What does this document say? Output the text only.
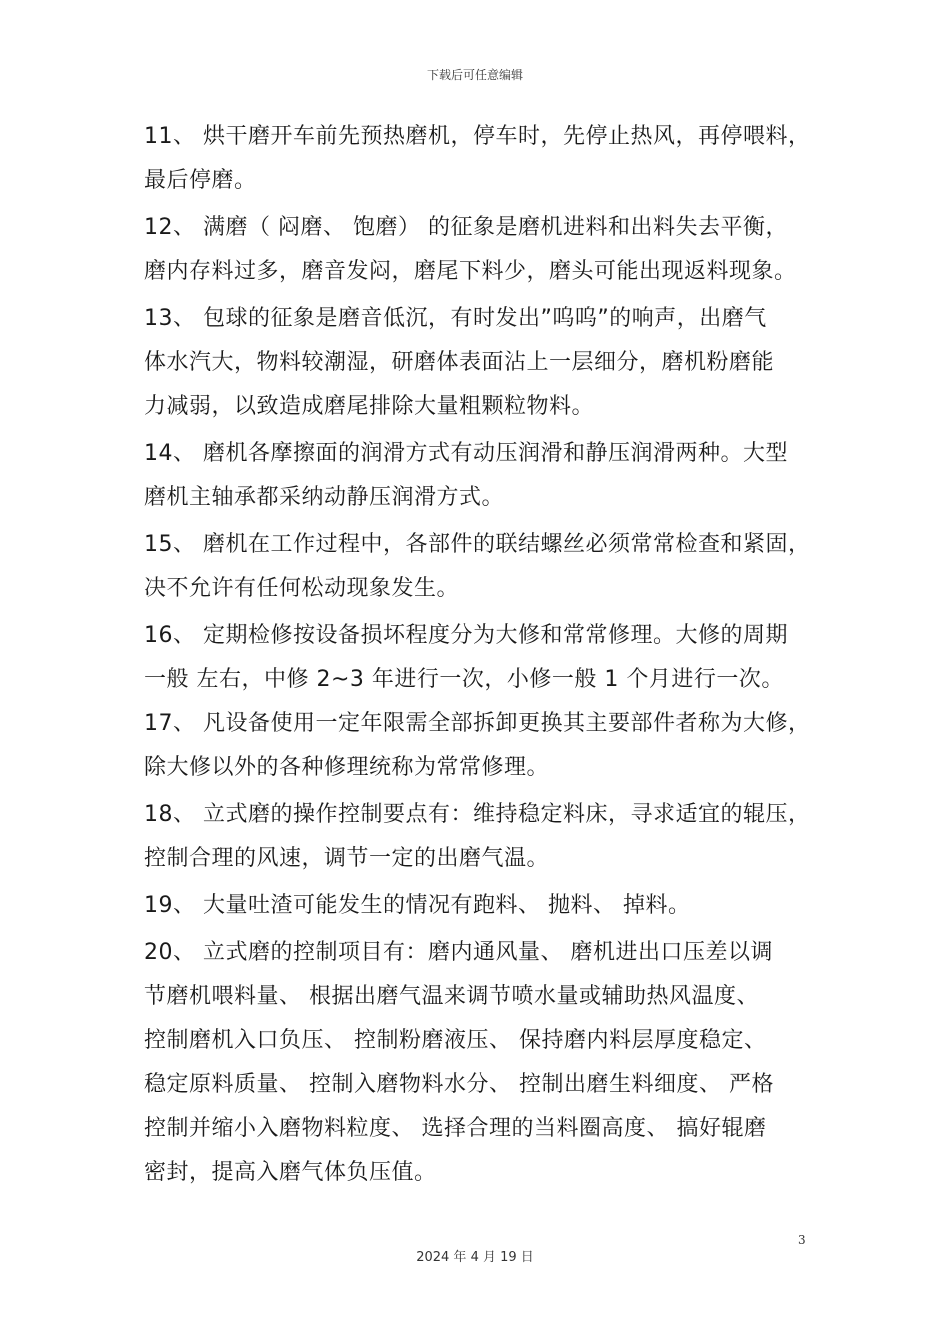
下载后可任意编辑
11、 烘干磨开车前先预热磨机，停车时，先停止热风，再停喂料，
最后停磨。
12、 满磨（ 闷磨、 饱磨） 的征象是磨机进料和出料失去平衡，
磨内存料过多，磨音发闷，磨尾下料少，磨头可能出现返料现象。
13、 包球的征象是磨音低沉，有时发出”呜呜”的响声，出磨气
体水汽大，物料较潮湿，研磨体表面沾上一层细分，磨机粉磨能
力减弱，以致造成磨尾排除大量粗颗粒物料。
14、 磨机各摩擦面的润滑方式有动压润滑和静压润滑两种。大型
磨机主轴承都采纳动静压润滑方式。
15、 磨机在工作过程中，各部件的联结螺丝必须常常检查和紧固，
决不允许有任何松动现象发生。
16、 定期检修按设备损坏程度分为大修和常常修理。大修的周期
一般 左右，中修 2~3 年进行一次，小修一般 1 个月进行一次。
17、 凡设备使用一定年限需全部拆卸更换其主要部件者称为大修，
除大修以外的各种修理统称为常常修理。
18、 立式磨的操作控制要点有：维持稳定料床，寻求适宜的辊压，
控制合理的风速，调节一定的出磨气温。
19、 大量吐渣可能发生的情况有跑料、 抛料、 掉料。
20、 立式磨的控制项目有：磨内通风量、 磨机进出口压差以调
节磨机喂料量、 根据出磨气温来调节喷水量或辅助热风温度、
控制磨机入口负压、 控制粉磨液压、 保持磨内料层厚度稳定、
稳定原料质量、 控制入磨物料水分、 控制出磨生料细度、 严格
控制并缩小入磨物料粒度、 选择合理的当料圈高度、 搞好辊磨
密封，提高入磨气体负压值。
3
2024 年 4 月 19 日
